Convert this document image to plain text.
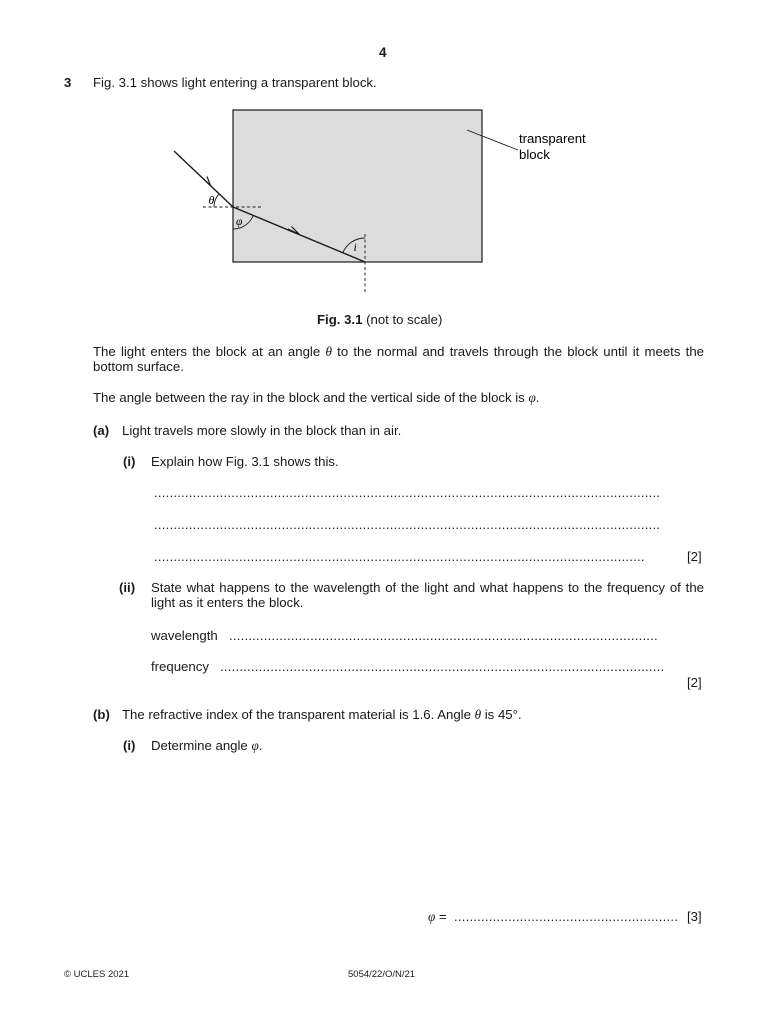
4
3 Fig. 3.1 shows light entering a transparent block.
θ
φ
i
transparent
block
Fig. 3.1 (not to scale)
The light enters the block at an angle θ to the normal and travels through the block until it meets the bottom surface.
The angle between the ray in the block and the vertical side of the block is φ.
(a) Light travels more slowly in the block than in air.
(i) Explain how Fig. 3.1 shows this.
...................................................................................................................................
...................................................................................................................................
...............................................................................................................................	[2]
(ii) State what happens to the wavelength of the light and what happens to the frequency of the light as it enters the block.
wavelength ...............................................................................................................
frequency ...................................................................................................................
[2]
(b) The refractive index of the transparent material is 1.6. Angle θ is 45°.
(i) Determine angle φ.
φ = .......................................................... [3]
© UCLES 2021	5054/22/O/N/21
